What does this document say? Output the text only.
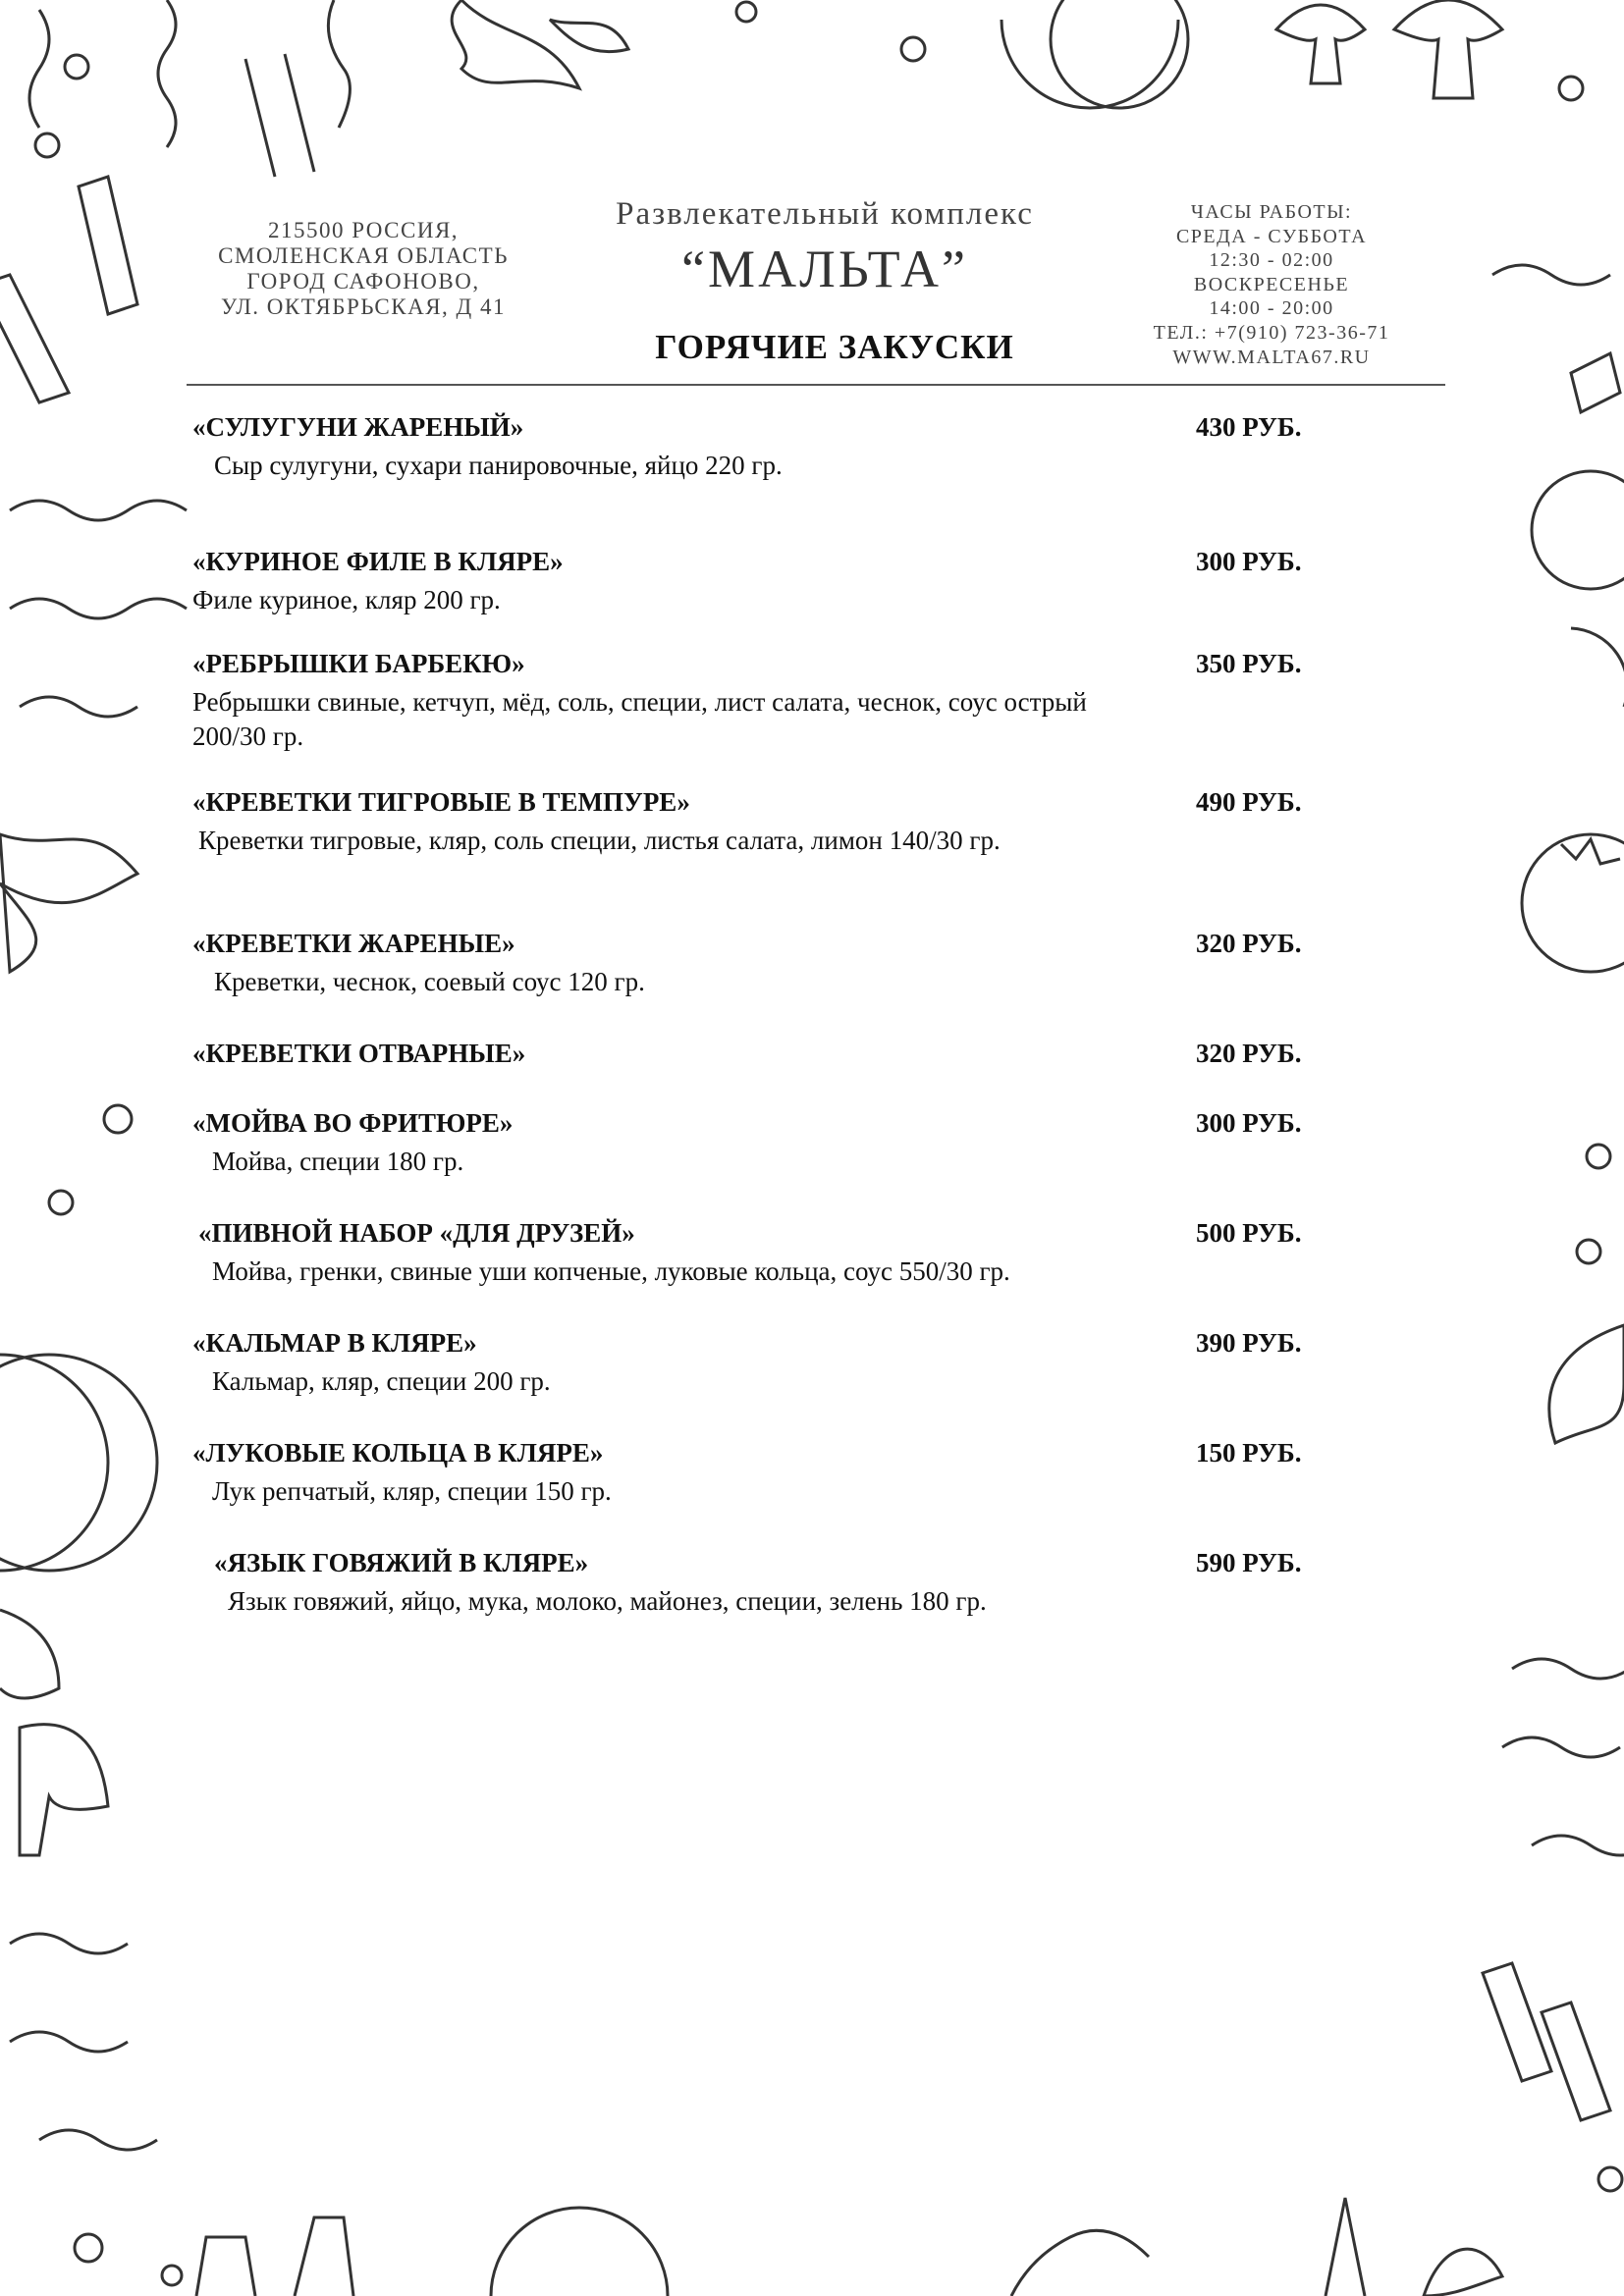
215500 РОССИЯ,
СМОЛЕНСКАЯ ОБЛАСТЬ
ГОРОД САФОНОВО,
УЛ. ОКТЯБРЬСКАЯ, Д 41
Развлекательный комплекс
“МАЛЬТА”
ГОРЯЧИЕ ЗАКУСКИ
ЧАСЫ РАБОТЫ:
СРЕДА - СУББОТА
12:30 - 02:00
ВОСКРЕСЕНЬЕ
14:00 - 20:00
ТЕЛ.: +7(910) 723-36-71
WWW.MALTA67.RU
«СУЛУГУНИ ЖАРЕНЫЙ»	430 РУБ.
Сыр сулугуни, сухари панировочные, яйцо 220 гр.
«КУРИНОЕ ФИЛЕ В КЛЯРЕ»	300 РУБ.
Филе куриное, кляр 200 гр.
«РЕБРЫШКИ БАРБЕКЮ»	350 РУБ.
Ребрышки свиные, кетчуп, мёд, соль, специи, лист салата, чеснок, соус острый 200/30 гр.
«КРЕВЕТКИ ТИГРОВЫЕ В ТЕМПУРЕ»	490 РУБ.
Креветки тигровые, кляр, соль специи, листья салата, лимон 140/30 гр.
«КРЕВЕТКИ ЖАРЕНЫЕ»	320 РУБ.
Креветки, чеснок, соевый соус 120 гр.
«КРЕВЕТКИ ОТВАРНЫЕ»	320 РУБ.
«МОЙВА ВО ФРИТЮРЕ»	300 РУБ.
Мойва, специи 180 гр.
«ПИВНОЙ НАБОР «ДЛЯ ДРУЗЕЙ»	500 РУБ.
Мойва, гренки, свиные уши копченые, луковые кольца, соус 550/30 гр.
«КАЛЬМАР В КЛЯРЕ»	390 РУБ.
Кальмар, кляр, специи 200 гр.
«ЛУКОВЫЕ КОЛЬЦА В КЛЯРЕ»	150 РУБ.
Лук репчатый, кляр, специи 150 гр.
«ЯЗЫК ГОВЯЖИЙ В КЛЯРЕ»	590 РУБ.
Язык говяжий, яйцо, мука, молоко, майонез, специи, зелень 180 гр.
